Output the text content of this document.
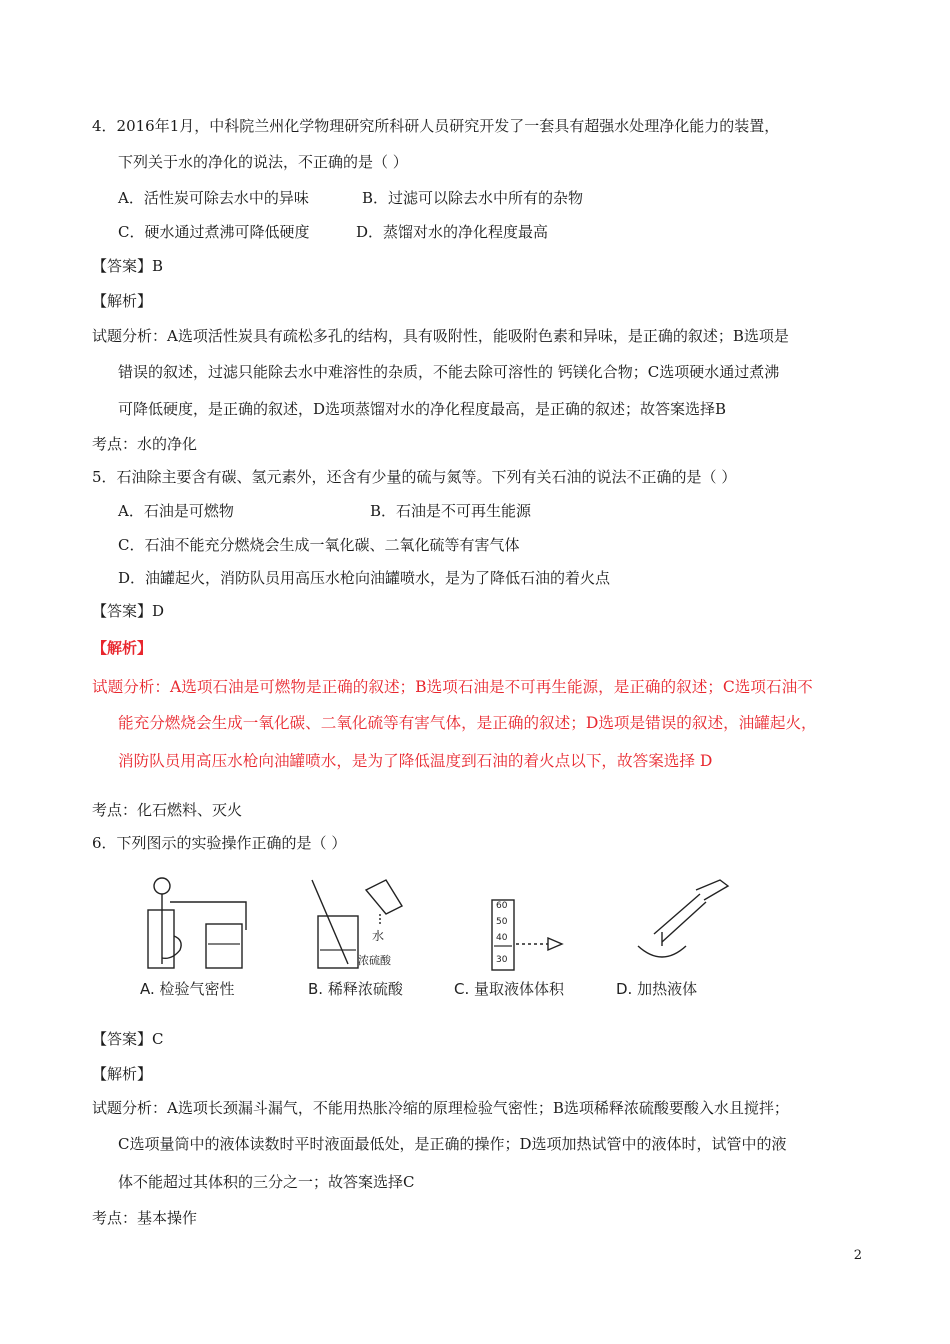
4．2016年1月，中科院兰州化学物理研究所科研人员研究开发了一套具有超强水处理净化能力的装置，
下列关于水的净化的说法，不正确的是（ ）
A．活性炭可除去水中的异味	B．过滤可以除去水中所有的杂物
C．硬水通过煮沸可降低硬度	D．蒸馏对水的净化程度最高
【答案】B
【解析】
试题分析：A选项活性炭具有疏松多孔的结构，具有吸附性，能吸附色素和异味，是正确的叙述；B选项是
错误的叙述，过滤只能除去水中难溶性的杂质，不能去除可溶性的 钙镁化合物；C选项硬水通过煮沸
可降低硬度，是正确的叙述，D选项蒸馏对水的净化程度最高，是正确的叙述；故答案选择B
考点：水的净化
5．石油除主要含有碳、氢元素外，还含有少量的硫与氮等。下列有关石油的说法不正确的是（ ）
A．石油是可燃物	B．石油是不可再生能源
C．石油不能充分燃烧会生成一氧化碳、二氧化硫等有害气体
D．油罐起火，消防队员用高压水枪向油罐喷水，是为了降低石油的着火点
【答案】D
【解析】
试题分析：A选项石油是可燃物是正确的叙述；B选项石油是不可再生能源，是正确的叙述；C选项石油不
能充分燃烧会生成一氧化碳、二氧化硫等有害气体，是正确的叙述；D选项是错误的叙述，油罐起火，
消防队员用高压水枪向油罐喷水，是为了降低温度到石油的着火点以下，故答案选择 D
考点：化石燃料、灭火
6．下列图示的实验操作正确的是（ ）
A. 检验气密性
水
浓硫酸
B. 稀释浓硫酸
60
50
40
30
C. 量取液体体积	D. 加热液体
【答案】C
【解析】
试题分析：A选项长颈漏斗漏气，不能用热胀冷缩的原理检验气密性；B选项稀释浓硫酸要酸入水且搅拌；
C选项量筒中的液体读数时平时液面最低处，是正确的操作；D选项加热试管中的液体时，试管中的液
体不能超过其体积的三分之一；故答案选择C
考点：基本操作
2
